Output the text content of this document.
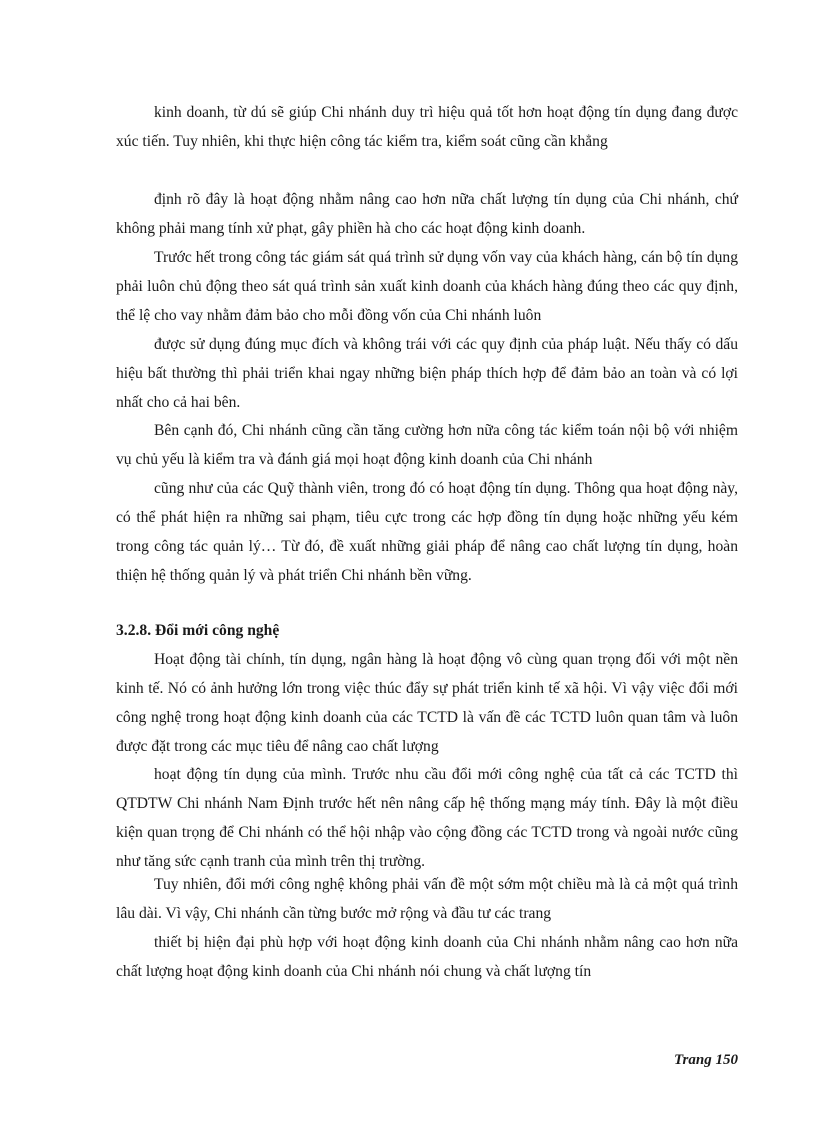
kinh doanh, từ dú sẽ giúp Chi nhánh duy trì hiệu quả tốt hơn hoạt động tín dụng đang được xúc tiến. Tuy nhiên, khi thực hiện công tác kiểm tra, kiểm soát cũng cần khẳng

định rõ đây là hoạt động nhằm nâng cao hơn nữa chất lượng tín dụng của Chi nhánh, chứ không phải mang tính xử phạt, gây phiền hà cho các hoạt động kinh doanh.

Trước hết trong công tác giám sát quá trình sử dụng vốn vay của khách hàng, cán bộ tín dụng phải luôn chủ động theo sát quá trình sản xuất kinh doanh của khách hàng đúng theo các quy định, thể lệ cho vay nhằm đảm bảo cho mỗi đồng vốn của Chi nhánh luôn

được sử dụng đúng mục đích và không trái với các quy định của pháp luật. Nếu thấy có dấu hiệu bất thường thì phải triển khai ngay những biện pháp thích hợp để đảm bảo an toàn và có lợi nhất cho cả hai bên.

Bên cạnh đó, Chi nhánh cũng cần tăng cường hơn nữa công tác kiểm toán nội bộ với nhiệm vụ chủ yếu là kiểm tra và đánh giá mọi hoạt động kinh doanh của Chi nhánh

cũng như của các Quỹ thành viên, trong đó có hoạt động tín dụng. Thông qua hoạt động này, có thể phát hiện ra những sai phạm, tiêu cực trong các hợp đồng tín dụng hoặc những yếu kém trong công tác quản lý… Từ đó, đề xuất những giải pháp để nâng cao chất lượng tín dụng, hoàn thiện hệ thống quản lý và phát triển Chi nhánh bền vững.

3.2.8. Đổi mới công nghệ

Hoạt động tài chính, tín dụng, ngân hàng là hoạt động vô cùng quan trọng đối với một nền kinh tế. Nó có ảnh hưởng lớn trong việc thúc đẩy sự phát triển kinh tế xã hội. Vì vậy việc đổi mới công nghệ trong hoạt động kinh doanh của các TCTD là vấn đề các TCTD luôn quan tâm và luôn được đặt trong các mục tiêu để nâng cao chất lượng

hoạt động tín dụng của mình. Trước nhu cầu đổi mới công nghệ của tất cả các TCTD thì QTDTW Chi nhánh Nam Định trước hết nên nâng cấp hệ thống mạng máy tính. Đây là một điều kiện quan trọng để Chi nhánh có thể hội nhập vào cộng đồng các TCTD trong và ngoài nước cũng như tăng sức cạnh tranh của mình trên thị trường.

Tuy nhiên, đổi mới công nghệ không phải vấn đề một sớm một chiều mà là cả một quá trình lâu dài. Vì vậy, Chi nhánh cần từng bước mở rộng và đầu tư các trang

thiết bị hiện đại phù hợp với hoạt động kinh doanh của Chi nhánh nhằm nâng cao hơn nữa chất lượng hoạt động kinh doanh của Chi nhánh nói chung và chất lượng tín

Trang 150
